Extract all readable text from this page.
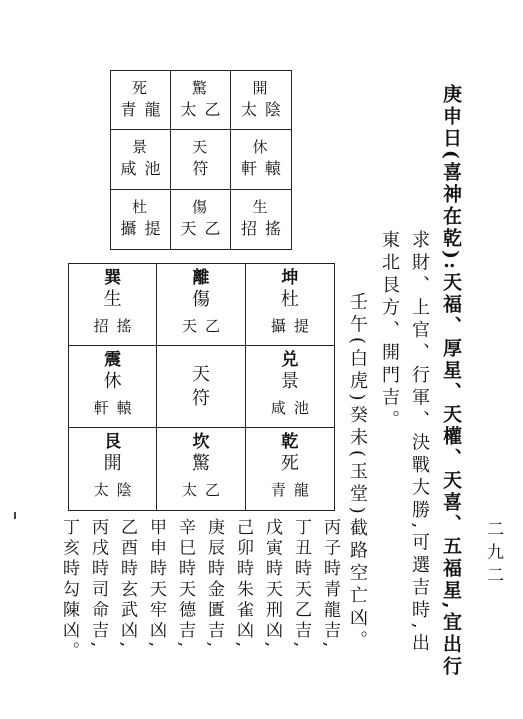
死
青龍
驚
太乙
開
太陰
景
咸池
天
符
休
軒轅
杜
攝提
傷
天乙
生
招搖
巽
生
招搖
離
傷
天乙
坤
杜
攝提
震
休
軒轅
天
符
兑
景
咸池
艮
開
太陰
坎
驚
太乙
乾
死
青龍	庚申日(喜神在乾):天福、厚星、天權、天喜、五福星,宜出行
求財、上官、行軍、決戰大勝,可選吉時,出
東北艮方、開門吉。
壬午(白虎)癸未(玉堂)截路空亡凶。
丙子時青龍吉,
丁丑時天乙吉,
戊寅時天刑凶,
己卯時朱雀凶,
庚辰時金匱吉,
辛巳時天德吉,
甲申時天牢凶,
乙酉時玄武凶,
丙戌時司命吉,
丁亥時勾陳凶。	二九二
